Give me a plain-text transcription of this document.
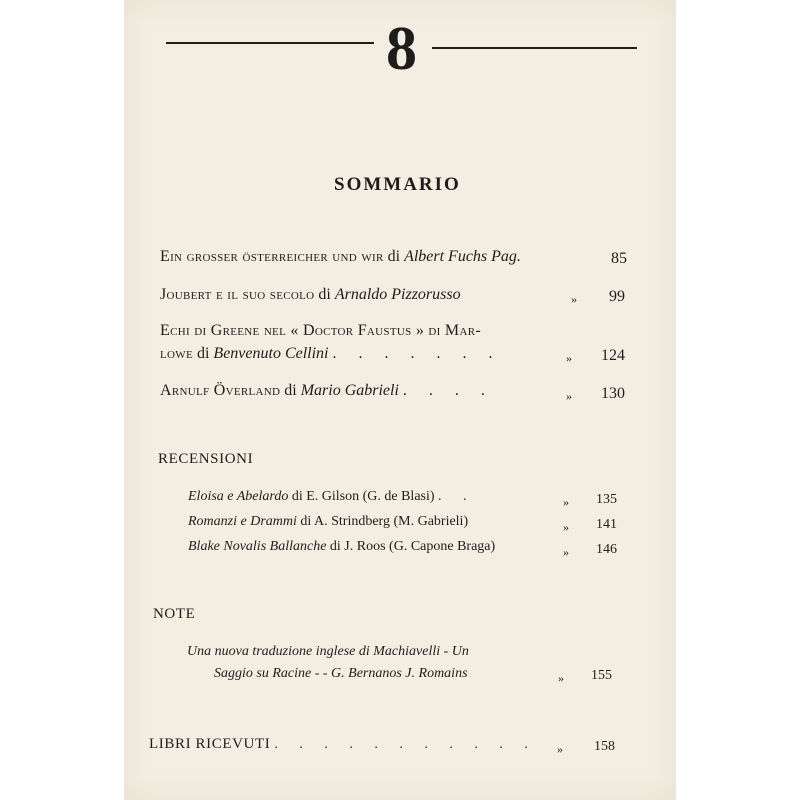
8
SOMMARIO
Ein grosser österreicher und wir di Albert Fuchs Pag.	85
Joubert e il suo secolo di Arnaldo Pizzorusso	»	99
Echi di Greene nel « Doctor Faustus » di Mar-
lowe di Benvenuto Cellini . . . . . . .	»	124
Arnulf Överland di Mario Gabrieli . . . .	»	130
RECENSIONI
Eloisa e Abelardo di E. Gilson (G. de Blasi) . .	»	135
Romanzi e Drammi di A. Strindberg (M. Gabrieli)	»	141
Blake Novalis Ballanche di J. Roos (G. Capone Braga)	»	146
NOTE
Una nuova traduzione inglese di Machiavelli - Un
Saggio su Racine - - G. Bernanos J. Romains	»	155
LIBRI RICEVUTI . . . . . . . . . . . »	158
